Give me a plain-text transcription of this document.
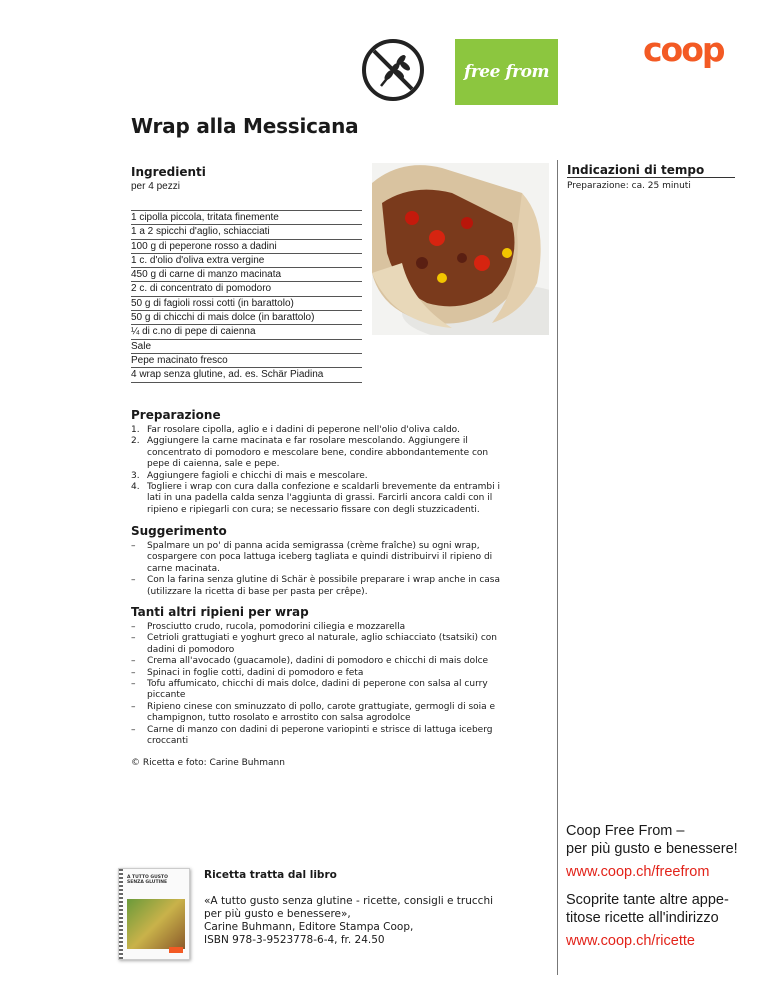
free from
coop
Wrap alla Messicana
Ingredienti
per 4 pezzi
1 cipolla piccola, tritata finemente
1 a 2 spicchi d'aglio, schiacciati
100 g di peperone rosso a dadini
1 c. d'olio d'oliva extra vergine
450 g di carne di manzo macinata
2 c. di concentrato di pomodoro
50 g di fagioli rossi cotti (in barattolo)
50 g di chicchi di mais dolce (in barattolo)
¼ di c.no di pepe di caienna
Sale
Pepe macinato fresco
4 wrap senza glutine, ad. es. Schär Piadina
Indicazioni di tempo
Preparazione: ca. 25 minuti
Preparazione
1. Far rosolare cipolla, aglio e i dadini di peperone nell'olio d'oliva caldo.
2. Aggiungere la carne macinata e far rosolare mescolando. Aggiungere il concentrato di pomodoro e mescolare bene, condire abbondantemente con pepe di caienna, sale e pepe.
3. Aggiungere fagioli e chicchi di mais e mescolare.
4. Togliere i wrap con cura dalla confezione e scaldarli brevemente da entrambi i lati in una padella calda senza l'aggiunta di grassi. Farcirli ancora caldi con il ripieno e ripiegarli con cura; se necessario fissare con degli stuzzicadenti.
Suggerimento
– Spalmare un po' di panna acida semigrassa (crème fraîche) su ogni wrap, cospargere con poca lattuga iceberg tagliata e quindi distribuirvi il ripieno di carne macinata.
– Con la farina senza glutine di Schär è possibile preparare i wrap anche in casa (utilizzare la ricetta di base per pasta per crêpe).
Tanti altri ripieni per wrap
– Prosciutto crudo, rucola, pomodorini ciliegia e mozzarella
– Cetrioli grattugiati e yoghurt greco al naturale, aglio schiacciato (tsatsiki) con dadini di pomodoro
– Crema all'avocado (guacamole), dadini di pomodoro e chicchi di mais dolce
– Spinaci in foglie cotti, dadini di pomodoro e feta
– Tofu affumicato, chicchi di mais dolce, dadini di peperone con salsa al curry piccante
– Ripieno cinese con sminuzzato di pollo, carote grattugiate, germogli di soia e champignon, tutto rosolato e arrostito con salsa agrodolce
– Carne di manzo con dadini di peperone variopinti e strisce di lattuga iceberg croccanti
© Ricetta e foto: Carine Buhmann
A TUTTO GUSTO SENZA GLUTINE
Ricetta tratta dal libro
«A tutto gusto senza glutine - ricette, consigli e trucchi per più gusto e benessere»,
Carine Buhmann, Editore Stampa Coop,
ISBN 978-3-9523778-6-4, fr. 24.50
Coop Free From –
per più gusto e benessere!
www.coop.ch/freefrom
Scoprite tante altre appe-
titose ricette all'indirizzo
www.coop.ch/ricette
